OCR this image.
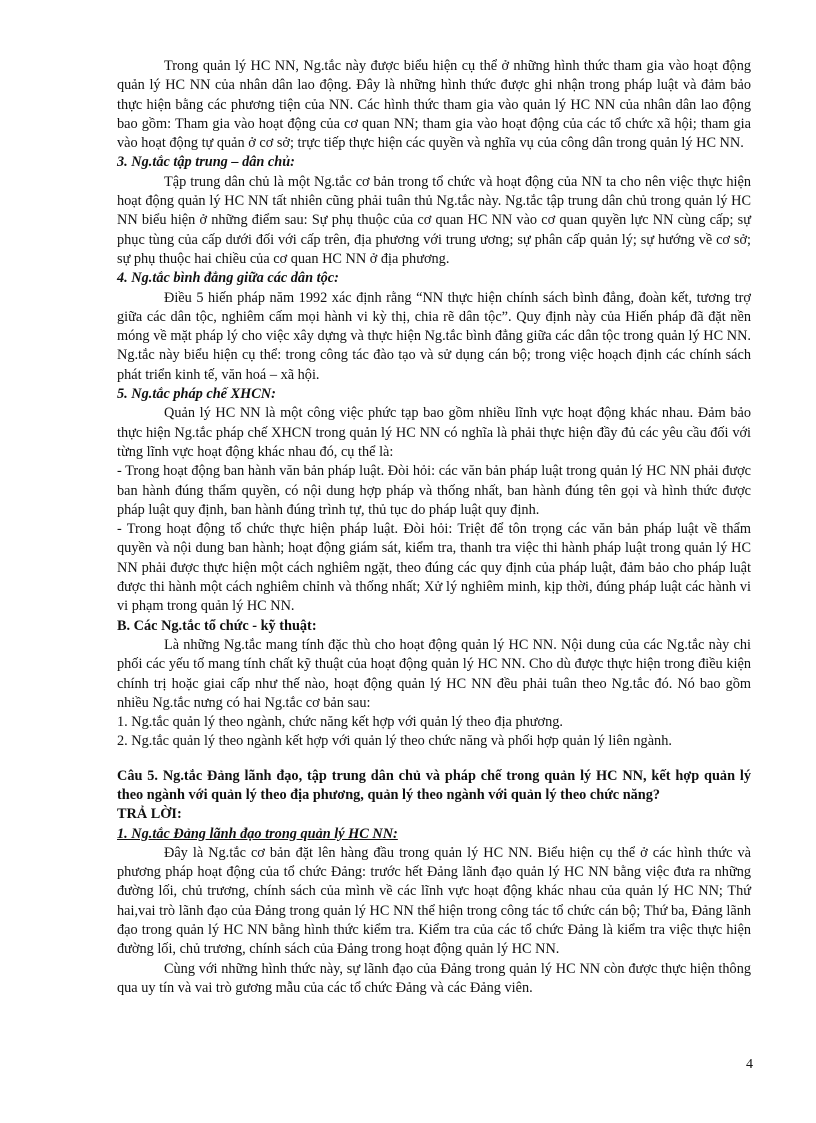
Trong quản lý HC NN, Ng.tắc này được biểu hiện cụ thể ở những hình thức tham gia vào hoạt động quản lý HC NN của nhân dân lao động. Đây là những hình thức được ghi nhận trong pháp luật và đảm bảo thực hiện bằng các phương tiện của NN. Các hình thức tham gia vào quản lý HC NN của nhân dân lao động bao gồm: Tham gia vào hoạt động của cơ quan NN; tham gia vào hoạt động của các tổ chức xã hội; tham gia vào hoạt động tự quản ở cơ sở; trực tiếp thực hiện các quyền và nghĩa vụ của công dân trong quản lý HC NN.

3. Ng.tắc tập trung – dân chủ:

Tập trung dân chủ là một Ng.tắc cơ bản trong tổ chức và hoạt động của NN ta cho nên việc thực hiện hoạt động quản lý HC NN tất nhiên cũng phải tuân thủ Ng.tắc này. Ng.tắc tập trung dân chủ trong quản lý HC NN biểu hiện ở những điểm sau: Sự phụ thuộc của cơ quan HC NN vào cơ quan quyền lực NN cùng cấp; sự phục tùng của cấp dưới đối với cấp trên, địa phương với trung ương; sự phân cấp quản lý; sự hướng về cơ sở; sự phụ thuộc hai chiều của cơ quan HC NN ở địa phương.

4. Ng.tắc bình đẳng giữa các dân tộc:

Điều 5 hiến pháp năm 1992 xác định rằng “NN thực hiện chính sách bình đẳng, đoàn kết, tương trợ giữa các dân tộc, nghiêm cấm mọi hành vi kỳ thị, chia rẽ dân tộc”. Quy định này của Hiến pháp đã đặt nền móng về mặt pháp lý cho việc xây dựng và thực hiện Ng.tắc bình đẳng giữa các dân tộc trong quản lý HC NN. Ng.tắc này biểu hiện cụ thể: trong công tác đào tạo và sử dụng cán bộ; trong việc hoạch định các chính sách phát triển kinh tế, văn hoá – xã hội.

5. Ng.tắc pháp chế XHCN:

Quản lý HC NN là một công việc phức tạp bao gồm nhiều lĩnh vực hoạt động khác nhau. Đảm bảo thực hiện Ng.tắc pháp chế XHCN trong quản lý HC NN có nghĩa là phải thực hiện đầy đủ các yêu cầu đối với từng lĩnh vực hoạt động khác nhau đó, cụ thể là:

- Trong hoạt động ban hành văn bản pháp luật. Đòi hỏi: các văn bản pháp luật trong quản lý HC NN phải được ban hành đúng thẩm quyền, có nội dung hợp pháp và thống nhất, ban hành đúng tên gọi và hình thức được pháp luật quy định, ban hành đúng trình tự, thủ tục do pháp luật quy định.

- Trong hoạt động tổ chức thực hiện pháp luật. Đòi hỏi: Triệt để tôn trọng các văn bản pháp luật về thẩm quyền và nội dung ban hành; hoạt động giám sát, kiểm tra, thanh tra việc thi hành pháp luật trong quản lý HC NN phải được thực hiện một cách nghiêm ngặt, theo đúng các quy định của pháp luật, đảm bảo cho pháp luật được thi hành một cách nghiêm chỉnh và thống nhất; Xử lý nghiêm minh, kịp thời, đúng pháp luật các hành vi vi phạm trong quản lý HC NN.

B. Các Ng.tắc tổ chức - kỹ thuật:

Là những Ng.tắc mang tính đặc thù cho hoạt động quản lý HC NN. Nội dung của các Ng.tắc này chi phối các yếu tố mang tính chất kỹ thuật của hoạt động quản lý HC NN. Cho dù được thực hiện trong điều kiện chính trị hoặc giai cấp như thế nào, hoạt động quản lý HC NN đều phải tuân theo Ng.tắc đó. Nó bao gồm nhiều Ng.tắc nưng có hai Ng.tắc cơ bản sau:

1. Ng.tắc quản lý theo ngành, chức năng kết hợp với quản lý theo địa phương.

2. Ng.tắc quản lý theo ngành kết hợp với quản lý theo chức năng và phối hợp quản lý liên ngành.

Câu 5. Ng.tắc Đảng lãnh đạo, tập trung dân chủ và pháp chế trong quản lý HC NN, kết hợp quản lý theo ngành với quản lý theo địa phương, quản lý theo ngành với quản lý theo chức năng?

TRẢ LỜI:

1. Ng.tắc Đảng lãnh đạo trong quản lý HC NN:

Đây là Ng.tắc cơ bản đặt lên hàng đầu trong quản lý HC NN. Biểu hiện cụ thể ở các hình thức và phương pháp hoạt động của tổ chức Đảng: trước hết Đảng lãnh đạo quản lý HC NN bằng việc đưa ra những đường lối, chủ trương, chính sách của mình về các lĩnh vực hoạt động khác nhau của quản lý HC NN; Thứ hai,vai trò lãnh đạo của Đảng trong quản lý HC NN thể hiện trong công tác tổ chức cán bộ; Thứ ba, Đảng lãnh đạo trong quản lý HC NN bằng hình thức kiểm tra. Kiểm tra của các tổ chức Đảng là kiểm tra việc thực hiện đường lối, chủ trương, chính sách của Đảng trong hoạt động quản lý HC NN.

Cùng với những hình thức này, sự lãnh đạo của Đảng trong quản lý HC NN còn được thực hiện thông qua uy tín và vai trò gương mẫu của các tổ chức Đảng và các Đảng viên.

4
